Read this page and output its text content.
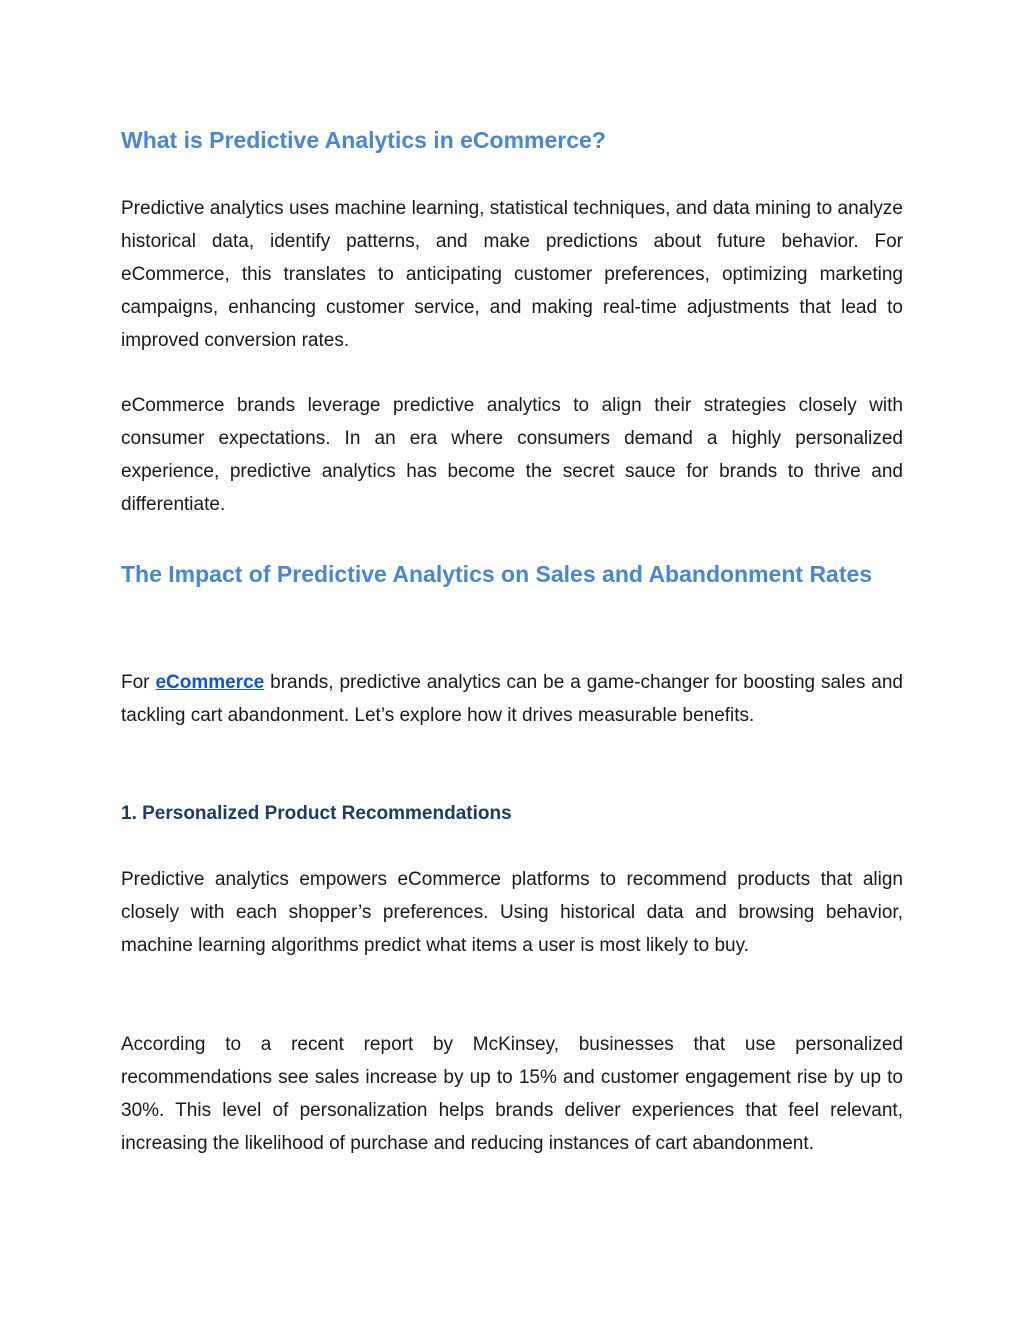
What is Predictive Analytics in eCommerce?

Predictive analytics uses machine learning, statistical techniques, and data mining to analyze historical data, identify patterns, and make predictions about future behavior. For eCommerce, this translates to anticipating customer preferences, optimizing marketing campaigns, enhancing customer service, and making real-time adjustments that lead to improved conversion rates.

eCommerce brands leverage predictive analytics to align their strategies closely with consumer expectations. In an era where consumers demand a highly personalized experience, predictive analytics has become the secret sauce for brands to thrive and differentiate.

The Impact of Predictive Analytics on Sales and Abandonment Rates

For eCommerce brands, predictive analytics can be a game-changer for boosting sales and tackling cart abandonment. Let’s explore how it drives measurable benefits.

1. Personalized Product Recommendations

Predictive analytics empowers eCommerce platforms to recommend products that align closely with each shopper’s preferences. Using historical data and browsing behavior, machine learning algorithms predict what items a user is most likely to buy.

According to a recent report by McKinsey, businesses that use personalized recommendations see sales increase by up to 15% and customer engagement rise by up to 30%. This level of personalization helps brands deliver experiences that feel relevant, increasing the likelihood of purchase and reducing instances of cart abandonment.
